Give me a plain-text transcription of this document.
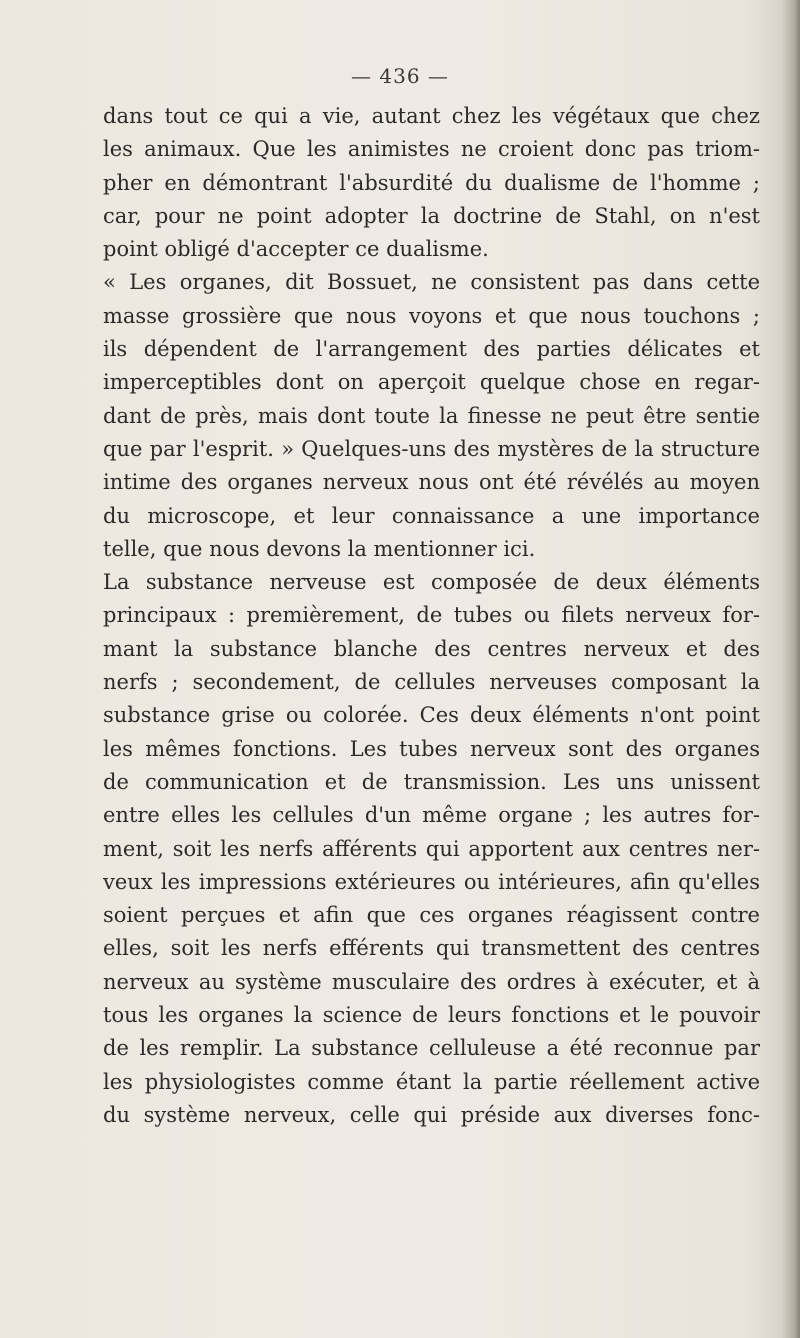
— 436 —
dans tout ce qui a vie, autant chez les végétaux que chez
les animaux. Que les animistes ne croient donc pas triom-
pher en démontrant l'absurdité du dualisme de l'homme ;
car, pour ne point adopter la doctrine de Stahl, on n'est
point obligé d'accepter ce dualisme.
« Les organes, dit Bossuet, ne consistent pas dans cette
masse grossière que nous voyons et que nous touchons ;
ils dépendent de l'arrangement des parties délicates et
imperceptibles dont on aperçoit quelque chose en regar-
dant de près, mais dont toute la finesse ne peut être sentie
que par l'esprit. » Quelques-uns des mystères de la structure
intime des organes nerveux nous ont été révélés au moyen
du microscope, et leur connaissance a une importance
telle, que nous devons la mentionner ici.
La substance nerveuse est composée de deux éléments
principaux : premièrement, de tubes ou filets nerveux for-
mant la substance blanche des centres nerveux et des
nerfs ; secondement, de cellules nerveuses composant la
substance grise ou colorée. Ces deux éléments n'ont point
les mêmes fonctions. Les tubes nerveux sont des organes
de communication et de transmission. Les uns unissent
entre elles les cellules d'un même organe ; les autres for-
ment, soit les nerfs afférents qui apportent aux centres ner-
veux les impressions extérieures ou intérieures, afin qu'elles
soient perçues et afin que ces organes réagissent contre
elles, soit les nerfs efférents qui transmettent des centres
nerveux au système musculaire des ordres à exécuter, et à
tous les organes la science de leurs fonctions et le pouvoir
de les remplir. La substance celluleuse a été reconnue par
les physiologistes comme étant la partie réellement active
du système nerveux, celle qui préside aux diverses fonc-
